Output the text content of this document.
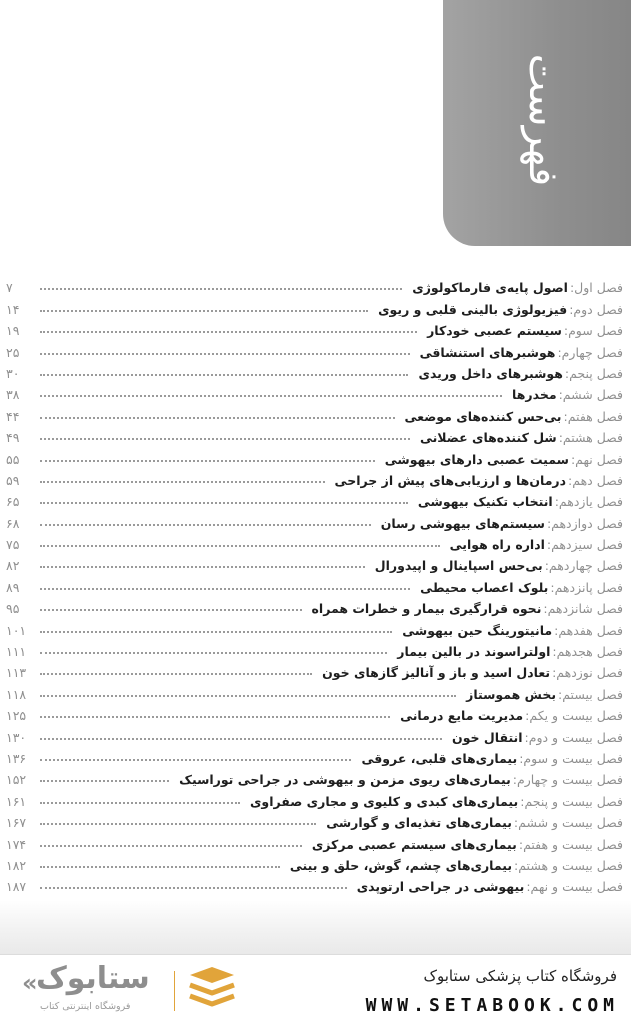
فهرست
فصل اول:
اصول پایه‌ی فارماکولوژی
۷
فصل دوم:
فیزیولوژی بالینی قلبی و ریوی
۱۴
فصل سوم:
سیستم عصبی خودکار
۱۹
فصل چهارم:
هوشبرهای استنشاقی
۲۵
فصل پنجم:
هوشبرهای داخل وریدی
۳۰
فصل ششم:
مخدرها
۳۸
فصل هفتم:
بی‌حس کننده‌های موضعی
۴۴
فصل هشتم:
شل کننده‌های عضلانی
۴۹
فصل نهم:
سمیت عصبی دارهای بیهوشی
۵۵
فصل دهم:
درمان‌ها و ارزیابی‌های پیش از جراحی
۵۹
فصل یازدهم:
انتخاب تکنیک بیهوشی
۶۵
فصل دوازدهم:
سیستم‌های بیهوشی رسان
۶۸
فصل سیزدهم:
اداره راه هوایی
۷۵
فصل چهاردهم:
بی‌حس اسپاینال و اپیدورال
۸۲
فصل پانزدهم:
بلوک اعصاب محیطی
۸۹
فصل شانزدهم:
نحوه قرارگیری بیمار و خطرات همراه
۹۵
فصل هفدهم:
مانیتورینگ حین بیهوشی
۱۰۱
فصل هجدهم:
اولتراسوند در بالین بیمار
۱۱۱
فصل نوزدهم:
تعادل اسید و باز و آنالیز گازهای خون
۱۱۳
فصل بیستم:
بخش هموستاز
۱۱۸
فصل بیست و یکم:
مدیریت مایع درمانی
۱۲۵
فصل بیست و دوم:
انتقال خون
۱۳۰
فصل بیست و سوم:
بیماری‌های قلبی، عروقی
۱۳۶
فصل بیست و چهارم:
بیماری‌های ریوی مزمن و بیهوشی در جراحی توراسیک
۱۵۲
فصل بیست و پنجم:
بیماری‌های کبدی و کلیوی و مجاری صفراوی
۱۶۱
فصل بیست و ششم:
بیماری‌های تغذیه‌ای و گوارشی
۱۶۷
فصل بیست و هفتم:
بیماری‌های سیستم عصبی مرکزی
۱۷۴
فصل بیست و هشتم:
بیماری‌های چشم، گوش، حلق و بینی
۱۸۲
فصل بیست و نهم:
بیهوشی در جراحی ارتوپدی
۱۸۷
فروشگاه کتاب پزشکی ستابوک
WWW.SETABOOK.COM
ستابوک
«
فروشگاه اینترنتی کتاب
